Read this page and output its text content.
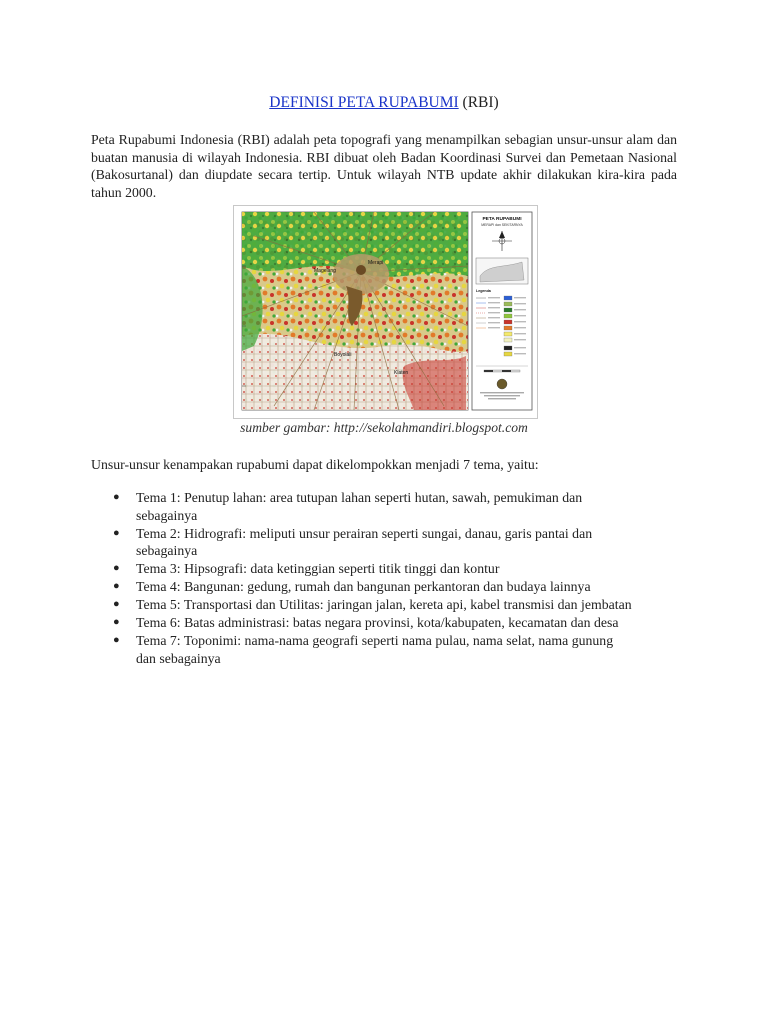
DEFINISI PETA RUPABUMI (RBI)
Peta Rupabumi Indonesia (RBI) adalah peta topografi yang menampilkan sebagian unsur-unsur alam dan buatan manusia di wilayah Indonesia. RBI dibuat oleh Badan Koordinasi Survei dan Pemetaan Nasional (Bakosurtanal) dan diupdate secara tertip. Untuk wilayah NTB update akhir dilakukan kira-kira pada tahun 2000.
Merapi
Magelang
Boyolali
Klaten
PETA RUPABUMI
MERAPI dan SEKITARNYA
Legenda
sumber gambar: http://sekolahmandiri.blogspot.com
Unsur-unsur kenampakan rupabumi dapat dikelompokkan menjadi 7 tema, yaitu:
● Tema 1: Penutup lahan: area tutupan lahan seperti hutan, sawah, pemukiman dan sebagainya
● Tema 2: Hidrografi: meliputi unsur perairan seperti sungai, danau, garis pantai dan sebagainya
● Tema 3: Hipsografi: data ketinggian seperti titik tinggi dan kontur
● Tema 4: Bangunan: gedung, rumah dan bangunan perkantoran dan budaya lainnya
● Tema 5: Transportasi dan Utilitas: jaringan jalan, kereta api, kabel transmisi dan jembatan
● Tema 6: Batas administrasi: batas negara provinsi, kota/kabupaten, kecamatan dan desa
● Tema 7: Toponimi: nama-nama geografi seperti nama pulau, nama selat, nama gunung dan sebagainya
